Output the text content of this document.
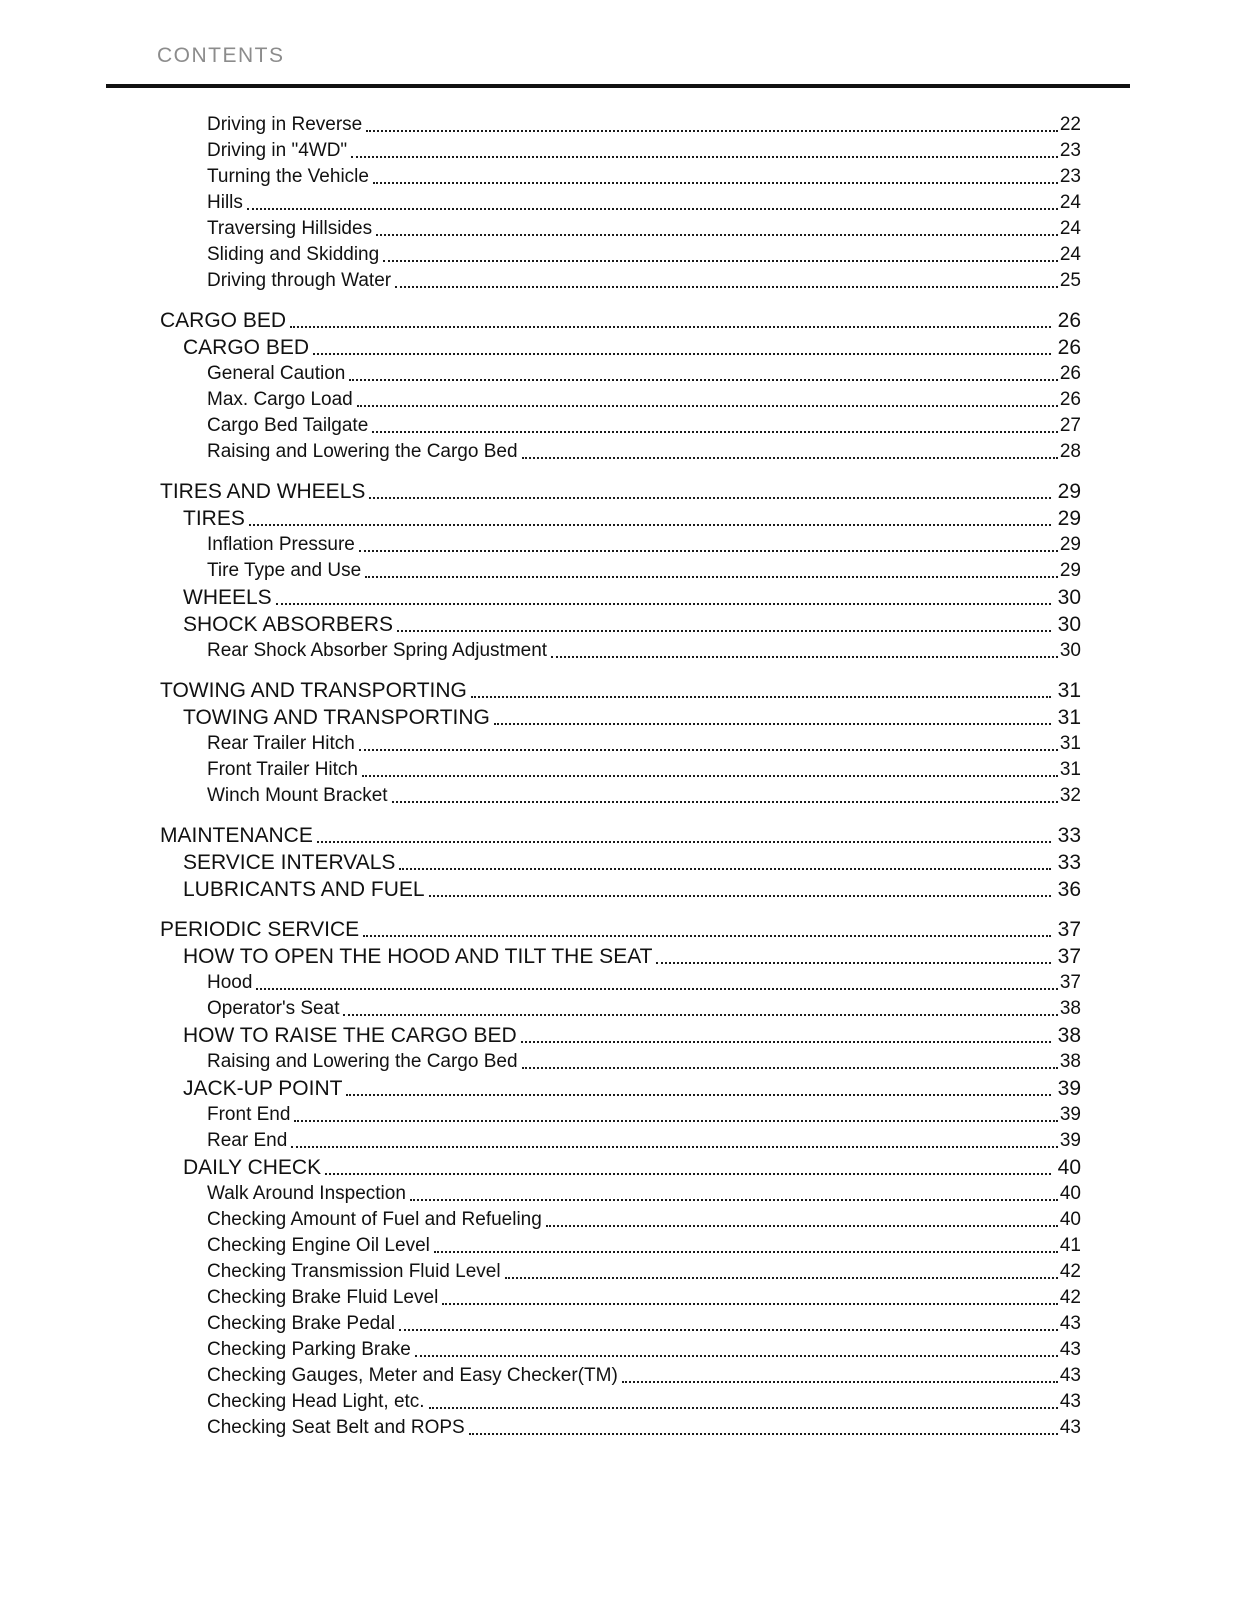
CONTENTS
Driving in Reverse	22
Driving in "4WD"	23
Turning the Vehicle	23
Hills	24
Traversing Hillsides	24
Sliding and Skidding	24
Driving through Water	25
CARGO BED	26
CARGO BED	26
General Caution	26
Max. Cargo Load	26
Cargo Bed Tailgate	27
Raising and Lowering the Cargo Bed	28
TIRES AND WHEELS	29
TIRES	29
Inflation Pressure	29
Tire Type and Use	29
WHEELS	30
SHOCK ABSORBERS	30
Rear Shock Absorber Spring Adjustment	30
TOWING AND TRANSPORTING	31
TOWING AND TRANSPORTING	31
Rear Trailer Hitch	31
Front Trailer Hitch	31
Winch Mount Bracket	32
MAINTENANCE	33
SERVICE INTERVALS	33
LUBRICANTS AND FUEL	36
PERIODIC SERVICE	37
HOW TO OPEN THE HOOD AND TILT THE SEAT	37
Hood	37
Operator's Seat	38
HOW TO RAISE THE CARGO BED	38
Raising and Lowering the Cargo Bed	38
JACK-UP POINT	39
Front End	39
Rear End	39
DAILY CHECK	40
Walk Around Inspection	40
Checking Amount of Fuel and Refueling	40
Checking Engine Oil Level	41
Checking Transmission Fluid Level	42
Checking Brake Fluid Level	42
Checking Brake Pedal	43
Checking Parking Brake	43
Checking Gauges, Meter and Easy Checker(TM)	43
Checking Head Light, etc.	43
Checking Seat Belt and ROPS	43
